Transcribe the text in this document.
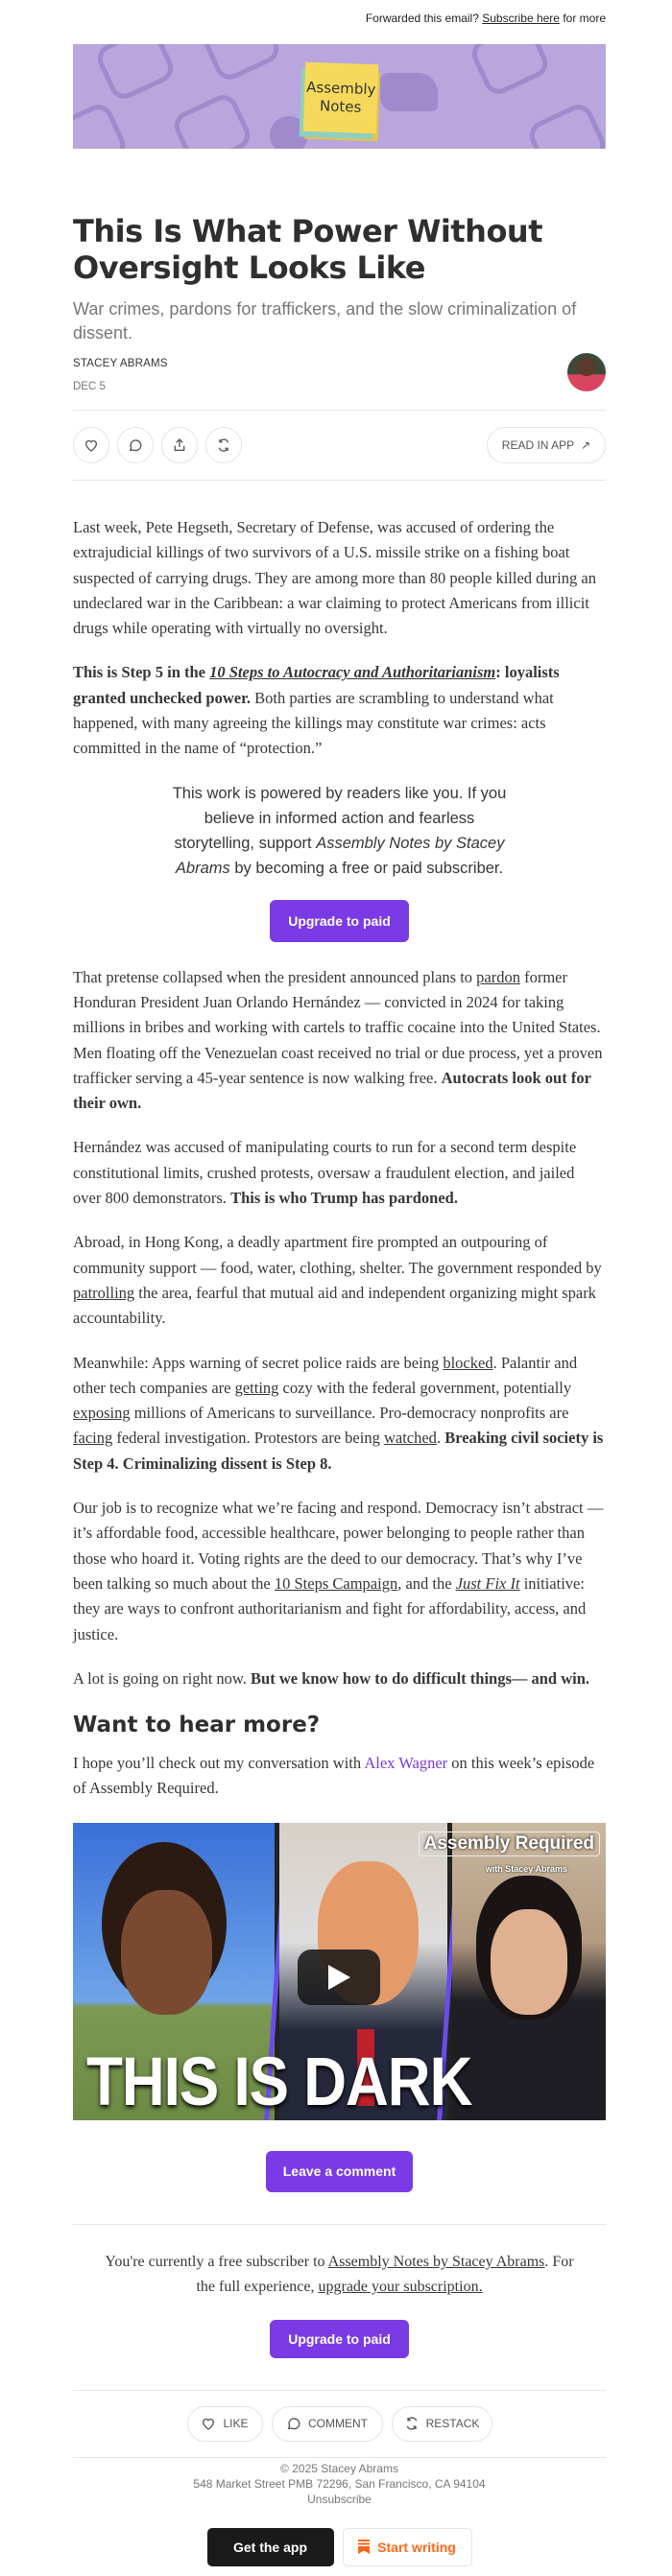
Forwarded this email? Subscribe here for more
Assembly
Notes
This Is What Power Without Oversight Looks Like
War crimes, pardons for traffickers, and the slow criminalization of dissent.
STACEY ABRAMS
DEC 5
READ IN APP ↗

Last week, Pete Hegseth, Secretary of Defense, was accused of ordering the extrajudicial killings of two survivors of a U.S. missile strike on a fishing boat suspected of carrying drugs. They are among more than 80 people killed during an undeclared war in the Caribbean: a war claiming to protect Americans from illicit drugs while operating with virtually no oversight.

This is Step 5 in the 10 Steps to Autocracy and Authoritarianism: loyalists granted unchecked power. Both parties are scrambling to understand what happened, with many agreeing the killings may constitute war crimes: acts committed in the name of “protection.”

This work is powered by readers like you. If you believe in informed action and fearless storytelling, support Assembly Notes by Stacey Abrams by becoming a free or paid subscriber.
Upgrade to paid

That pretense collapsed when the president announced plans to pardon former Honduran President Juan Orlando Hernández — convicted in 2024 for taking millions in bribes and working with cartels to traffic cocaine into the United States. Men floating off the Venezuelan coast received no trial or due process, yet a proven trafficker serving a 45-year sentence is now walking free. Autocrats look out for their own.

Hernández was accused of manipulating courts to run for a second term despite constitutional limits, crushed protests, oversaw a fraudulent election, and jailed over 800 demonstrators. This is who Trump has pardoned.

Abroad, in Hong Kong, a deadly apartment fire prompted an outpouring of community support — food, water, clothing, shelter. The government responded by patrolling the area, fearful that mutual aid and independent organizing might spark accountability.

Meanwhile: Apps warning of secret police raids are being blocked. Palantir and other tech companies are getting cozy with the federal government, potentially exposing millions of Americans to surveillance. Pro-democracy nonprofits are facing federal investigation. Protestors are being watched. Breaking civil society is Step 4. Criminalizing dissent is Step 8.

Our job is to recognize what we’re facing and respond. Democracy isn’t abstract — it’s affordable food, accessible healthcare, power belonging to people rather than those who hoard it. Voting rights are the deed to our democracy. That’s why I’ve been talking so much about the 10 Steps Campaign, and the Just Fix It initiative: they are ways to confront authoritarianism and fight for affordability, access, and justice.

A lot is going on right now. But we know how to do difficult things— and win.

Want to hear more?

I hope you’ll check out my conversation with Alex Wagner on this week’s episode of Assembly Required.

Assembly Required
with Stacey Abrams
THIS IS DARK
Leave a comment
You're currently a free subscriber to Assembly Notes by Stacey Abrams. For the full experience, upgrade your subscription.
Upgrade to paid
LIKE	COMMENT	RESTACK
© 2025 Stacey Abrams
548 Market Street PMB 72296, San Francisco, CA 94104
Unsubscribe
Get the app	Start writing
